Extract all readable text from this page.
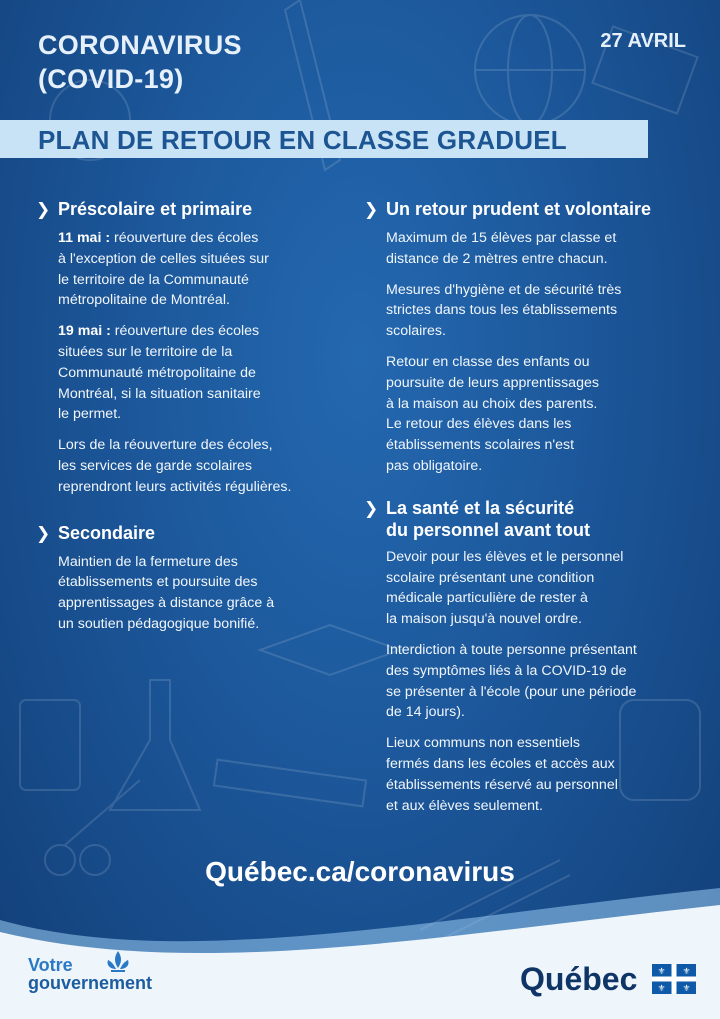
CORONAVIRUS
(COVID-19)
27 AVRIL
PLAN DE RETOUR EN CLASSE GRADUEL
❯ Préscolaire et primaire

11 mai : réouverture des écoles
à l'exception de celles situées sur
le territoire de la Communauté
métropolitaine de Montréal.

19 mai : réouverture des écoles
situées sur le territoire de la
Communauté métropolitaine de
Montréal, si la situation sanitaire
le permet.

Lors de la réouverture des écoles,
les services de garde scolaires
reprendront leurs activités régulières.

❯ Secondaire

Maintien de la fermeture des
établissements et poursuite des
apprentissages à distance grâce à
un soutien pédagogique bonifié.

❯ Un retour prudent et volontaire

Maximum de 15 élèves par classe et
distance de 2 mètres entre chacun.

Mesures d'hygiène et de sécurité très
strictes dans tous les établissements
scolaires.

Retour en classe des enfants ou
poursuite de leurs apprentissages
à la maison au choix des parents.
Le retour des élèves dans les
établissements scolaires n'est
pas obligatoire.

❯ La santé et la sécurité
du personnel avant tout

Devoir pour les élèves et le personnel
scolaire présentant une condition
médicale particulière de rester à
la maison jusqu'à nouvel ordre.

Interdiction à toute personne présentant
des symptômes liés à la COVID-19 de
se présenter à l'école (pour une période
de 14 jours).

Lieux communs non essentiels
fermés dans les écoles et accès aux
établissements réservé au personnel
et aux élèves seulement.

Québec.ca/coronavirus
Votre
gouvernement	Québec ⚜ ⚜
⚜ ⚜
